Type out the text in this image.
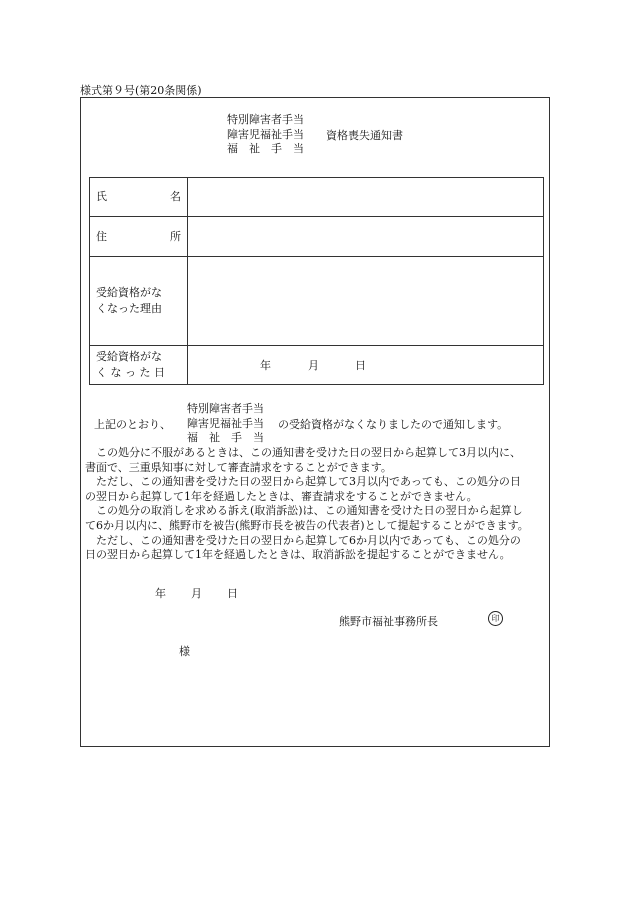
様式第９号(第20条関係)
特別障害者手当
障害児福祉手当
福　祉　手　当
資格喪失通知書
氏 名	

住 所	

受給資格がな
くなった理由	

受給資格がな
く な っ た 日	年 月 日
特別障害者手当
障害児福祉手当
福　祉　手　当
上記のとおり、	の受給資格がなくなりましたので通知します。

　この処分に不服があるときは、この通知書を受けた日の翌日から起算して3月以内に、

書面で、三重県知事に対して審査請求をすることができます。

　ただし、この通知書を受けた日の翌日から起算して3月以内であっても、この処分の日

の翌日から起算して1年を経過したときは、審査請求をすることができません。

　この処分の取消しを求める訴え(取消訴訟)は、この通知書を受けた日の翌日から起算し

て6か月以内に、熊野市を被告(熊野市長を被告の代表者)として提起することができます。

　ただし、この通知書を受けた日の翌日から起算して6か月以内であっても、この処分の

日の翌日から起算して1年を経過したときは、取消訴訟を提起することができません。

年 月 日
熊野市福祉事務所長	印
様
